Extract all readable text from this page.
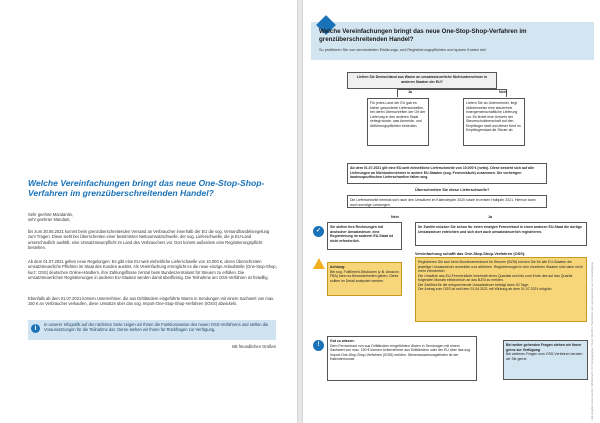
Welche Vereinfachungen bringt das neue One-Stop-Shop-Verfahren im grenzüberschreitenden Handel?
Sehr geehrte Mandantin,
sehr geehrter Mandant,
bis zum 30.06.2021 kommt beim grenzüberschreitenden Versand an Verbraucher innerhalb der EU die sog. Versandhandelsregelung zum Tragen. Diese sieht bei Überschreiten einer bestimmten Nettoumsatzschwelle, der sog. Lieferschwelle, die je EU-Land unterschiedlich ausfällt, eine Umsatzsteuerpflicht im Land des Verbrauchers vor. Dort kommt außerdem eine Registrierungspflicht bestehen.
Ab dem 01.07.2021 gelten neue Regelungen: Es gibt eine EU-weit einheitliche Lieferschwelle von 10.000 €, deren Überschreiten umsatzsteuerliche Pflichten im Staat des Kunden auslöst. Als Vereinfachung ermöglicht es die neue einzige Anlaufstelle (One-Stop-Shop, kurz: OSS) deutschen Online-Händlern, ihre Zahlungsflüsse zentral beim Bundeszentralamt für Steuern zu erfüllen. Die umsatzsteuerlichen Registrierungen in anderen EU-Staaten werden damit überflüssig. Die Teilnahme am OSS-Verfahren ist freiwillig.
Ebenfalls ab dem 01.07.2021 können Unternehmer, die aus Drittländern eingeführte Waren in Sendungen mit einem Sachwert von max. 150 € an Verbraucher verkaufen, diese Umsätze über das sog. Import-One-Stop-Shop-Verfahren (IOSS) abwickeln.
i
In unserer Infografik auf der nächsten Seite zeigen wir Ihnen die Funktionsweise des neuen OSS-Verfahrens und stellen die Voraussetzungen für die Teilnahme dar. Gerne stehen wir Ihnen für Rückfragen zur Verfügung.
Mit freundlichen Grüßen
Welche Vereinfachungen bringt das neue One-Stop-Shop-Verfahren im grenzüberschreitenden Handel?
So profitieren Sie von verminderten Erklärungs- und Registrierungspflichten und sparen Kosten ein!
Liefern Sie Deutschland aus Waren an umsatzsteuerliche Nichtunternehmer in anderen Staaten der EU?
Ja	Nein
Für jedes Land der EU gab es bisher gesonderte Lieferschwellen, bei deren Überschreiten der Ort der Lieferung in den anderen Staat verlegt wurde, was Anmelde- und Abführungspflichten bedeuten.
Liefern Sie an Unternehmer, liegt üblicherweise eine steuerfreie innergemeinschaftliche Lieferung vor. Es findet eine Umkehr der Steuerschuldnerschaft auf den Empfänger statt und dieser führt im Empfängerstaat die Steuer ab.
Ab dem 01.07.2021 gilt eine EU-weit einheitliche Lieferschwelle von 10.000 € (netto). Diese besteht sich auf alle Lieferungen an Nichtunternehmer in andere EU-Staaten (sog. Fernverkäufe) zusammen. Die vorherigen landesspezifischen Lieferschwellen fallen weg.
Überschreiten Sie diese Lieferschwelle?
Die Lieferschwelle bemisst sich nach den Umsätzen im Kalenderjahr 2020 sowie im ersten Halbjahr 2021. Hiervon kann auch sonstige Leistungen.
Nein	Ja
✓
Sie stellen Ihre Rechnungen mit deutscher Umsatzsteuer, eine Registrierung im anderen EU-Staat ist nicht erforderlich.
Achtung:
Bei sog. Fulfillment-Strukturen (z.B. Amazon FBA) kann es Besonderheiten geben. Diese sollten im Detail analysiert werden.
Ihr Zweifel müssen Sie schon für einen einzigen Fernverkauf in einen anderen EU-Staat die dortige Umsatzsteuer entrichten und sich dort auch umsatzsteuerlich registrieren.
Vereinfachung schafft das One-Stop-Shop-Verfahren (OSS):
Registrieren Sie sich beim Bundeszentralamt für Steuern (BZSt) können Sie für alle EU-Staaten die jeweilige Umsatzsteuer anmelden und abführen. Registrierungen in den einzelnen Staaten sind dann nicht mehr erforderlich.
Die Umsätze aus EU-Fernverkäufe innerhalb eines Quartals sind bis zum Ende des auf das Quartal folgenden Monats elektronisch an das BZSt zu melden.
Die Zahlfrist für die entsprechende Umsatzsteuer beträgt dann 30 Tage.
Der Antrag zum OSS ist seit dem 01.04.2021 mit Wirkung ab dem 01.07.2021 möglich.
!
Gut zu wissen:
Dem Fernverkauf von aus Drittländern eingeführten Waren in Sendungen mit einem Sachwert von max. 150 € können Unternehmer aus Drittländern oder der EU über das sog. Import-One-Stop-Shop-Verfahren (IOSS) melden. Steuerausweisungsfristen ist der Kalendermonat.
Bei weiter gehenden Fragen stehen wir Ihnen gerne zur Verfügung
Bei weiteren Fragen zum OSS-Verfahren beraten wir Sie gerne.	Alle Angaben ohne Gewähr / Urheberrecht: WS Verlagsgruppe / Stand: Mai 2021 / Nachdruck, auch auszugsweise, nur mit Genehmigung
